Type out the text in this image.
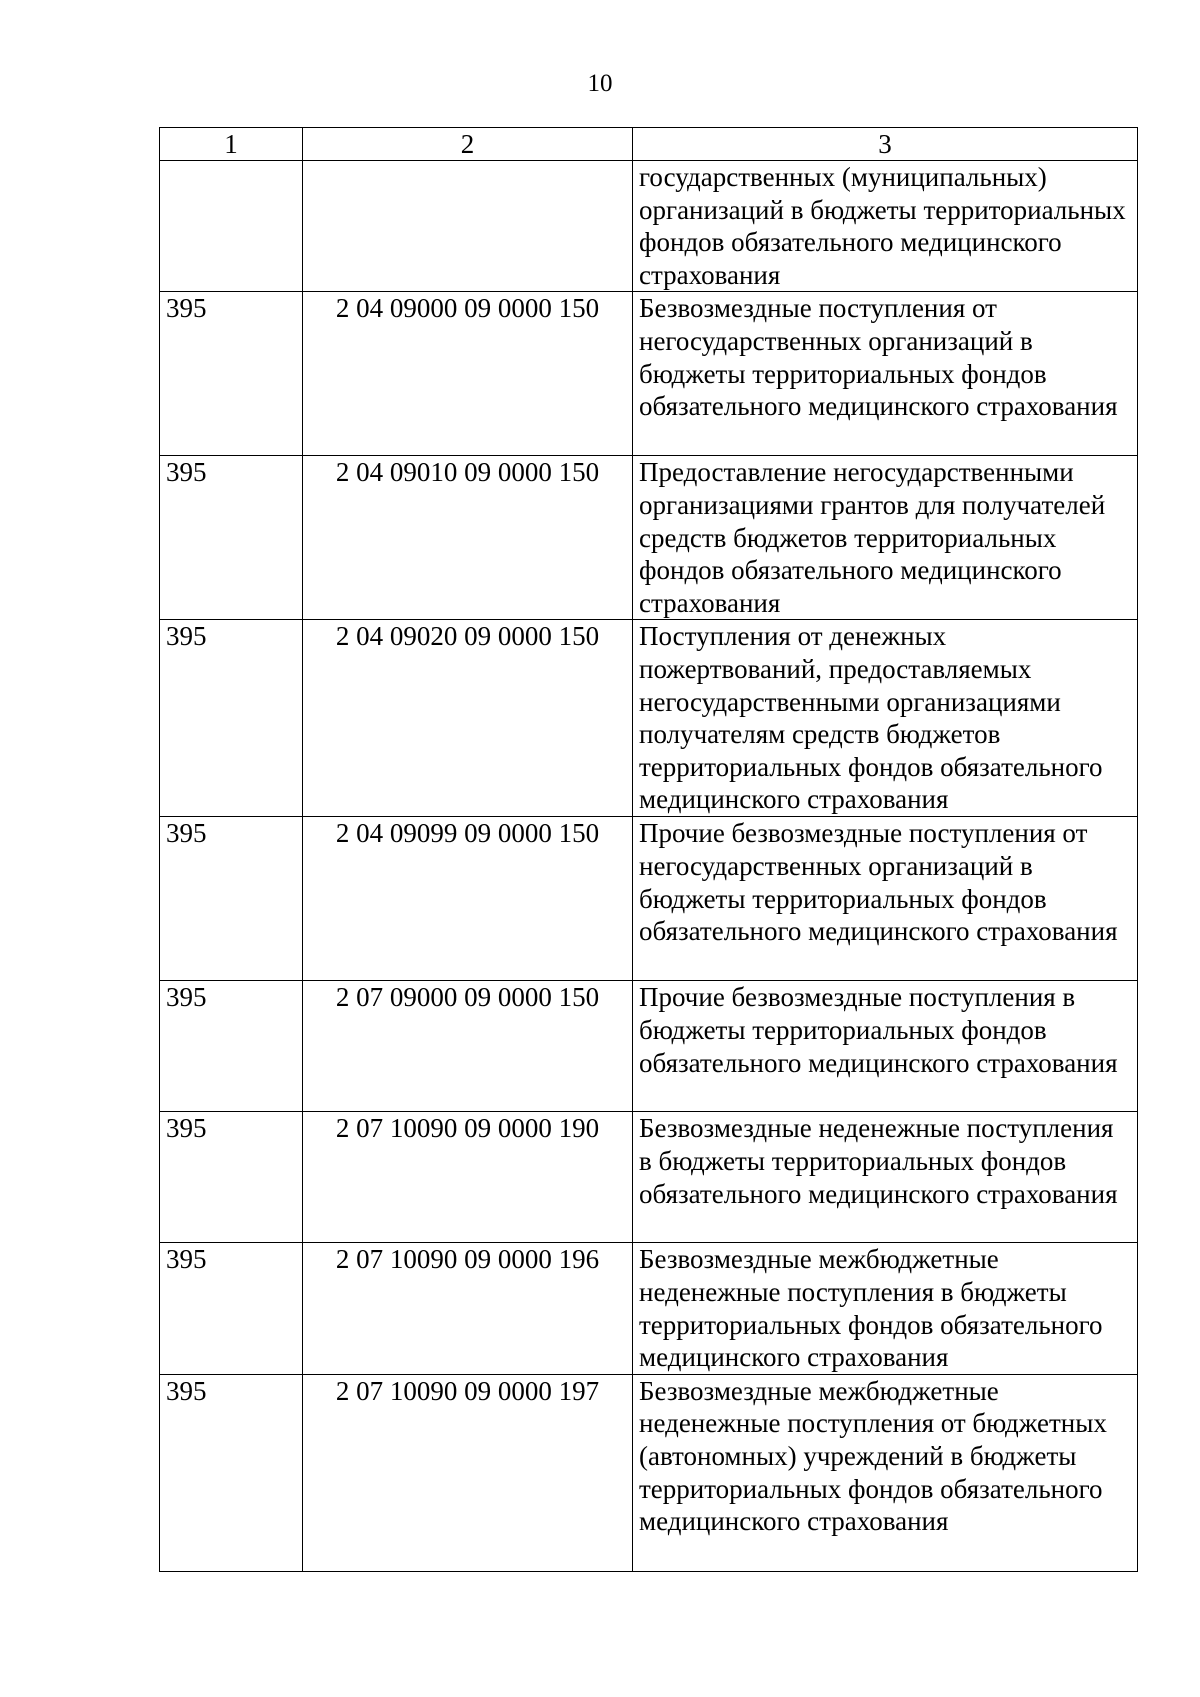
10
1	2	3
		государственных (муниципальных) организаций в бюджеты территориальных фондов обязательного медицинского страхования
395	2 04 09000 09 0000 150	Безвозмездные поступления от негосударственных организаций в бюджеты территориальных фондов обязательного медицинского страхования
395	2 04 09010 09 0000 150	Предоставление негосударственными организациями грантов для получателей средств бюджетов территориальных фондов обязательного медицинского страхования
395	2 04 09020 09 0000 150	Поступления от денежных пожертвований, предоставляемых негосударственными организациями получателям средств бюджетов территориальных фондов обязательного медицинского страхования
395	2 04 09099 09 0000 150	Прочие безвозмездные поступления от негосударственных организаций в бюджеты территориальных фондов обязательного медицинского страхования
395	2 07 09000 09 0000 150	Прочие безвозмездные поступления в бюджеты территориальных фондов обязательного медицинского страхования
395	2 07 10090 09 0000 190	Безвозмездные неденежные поступления в бюджеты территориальных фондов обязательного медицинского страхования
395	2 07 10090 09 0000 196	Безвозмездные межбюджетные неденежные поступления в бюджеты территориальных фондов обязательного медицинского страхования
395	2 07 10090 09 0000 197	Безвозмездные межбюджетные неденежные поступления от бюджетных (автономных) учреждений в бюджеты территориальных фондов обязательного медицинского страхования
